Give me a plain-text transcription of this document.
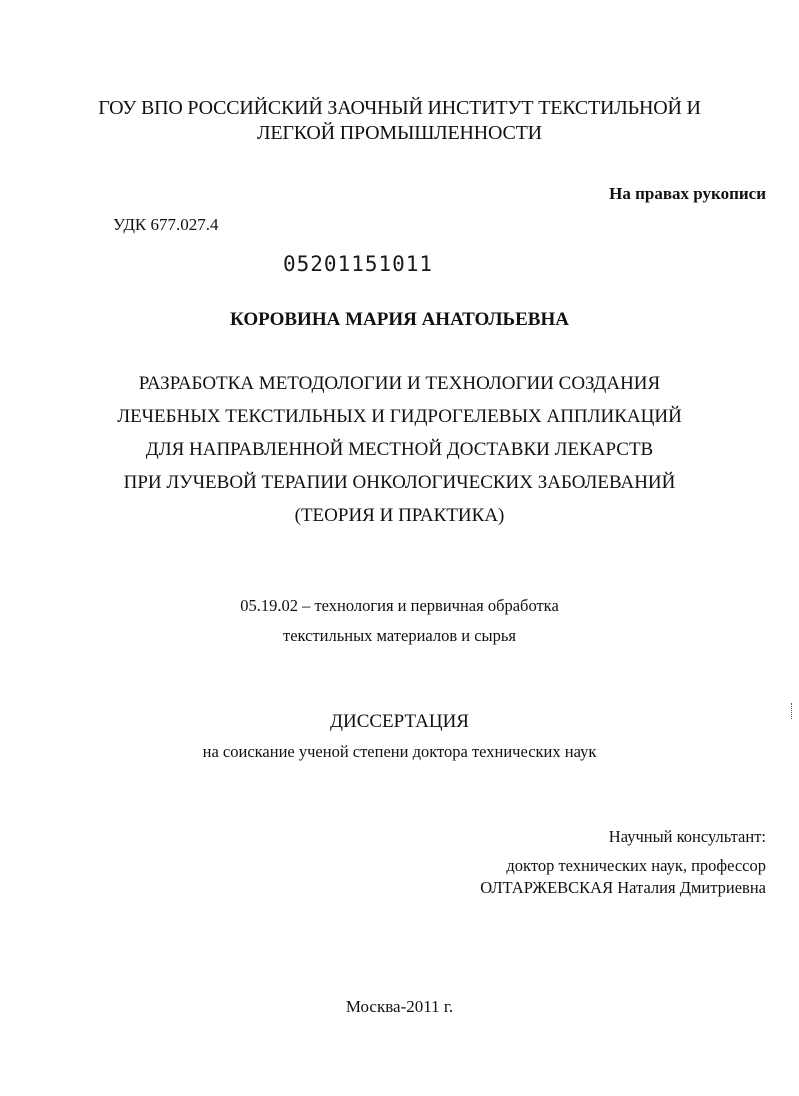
ГОУ ВПО РОССИЙСКИЙ ЗАОЧНЫЙ ИНСТИТУТ ТЕКСТИЛЬНОЙ И
ЛЕГКОЙ ПРОМЫШЛЕННОСТИ
На правах рукописи
УДК 677.027.4
05201151011
КОРОВИНА МАРИЯ АНАТОЛЬЕВНА
РАЗРАБОТКА МЕТОДОЛОГИИ И ТЕХНОЛОГИИ СОЗДАНИЯ
ЛЕЧЕБНЫХ ТЕКСТИЛЬНЫХ И ГИДРОГЕЛЕВЫХ АППЛИКАЦИЙ
ДЛЯ НАПРАВЛЕННОЙ МЕСТНОЙ ДОСТАВКИ ЛЕКАРСТВ
ПРИ ЛУЧЕВОЙ ТЕРАПИИ ОНКОЛОГИЧЕСКИХ ЗАБОЛЕВАНИЙ
(ТЕОРИЯ И ПРАКТИКА)
05.19.02 – технология и первичная обработка
текстильных материалов и сырья
ДИССЕРТАЦИЯ
на соискание ученой степени доктора технических наук
Научный консультант:
доктор технических наук, профессор
ОЛТАРЖЕВСКАЯ Наталия Дмитриевна
Москва-2011 г.
